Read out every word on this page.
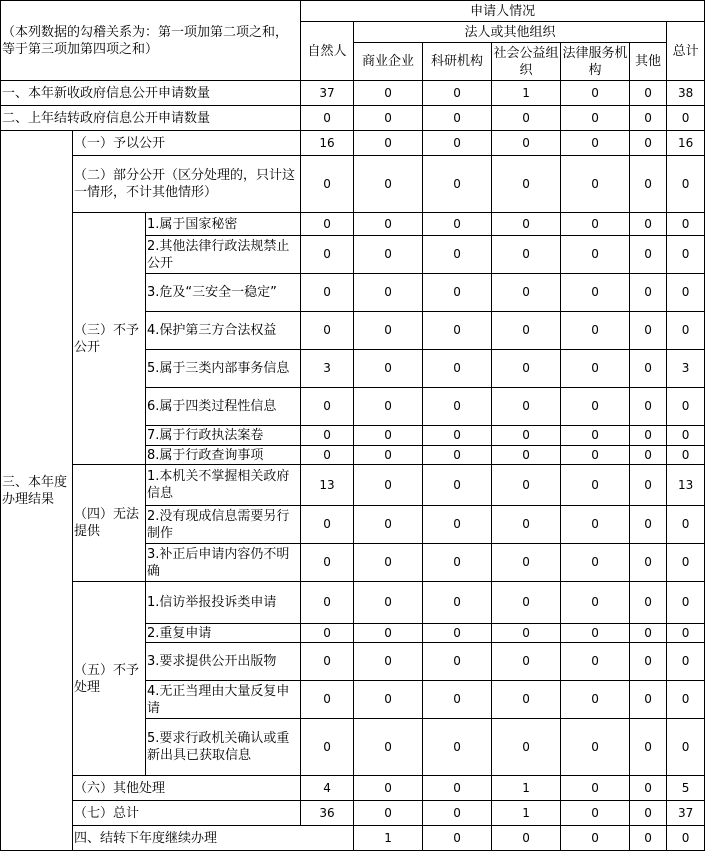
（本列数据的勾稽关系为：第一项加第二项之和，等于第三项加第四项之和）			申请人情况							
			自然人	法人或其他组织					总计	
				商业企业	科研机构	社会公益组织	法律服务机构	其他		
一、本年新收政府信息公开申请数量			37	0	0	1	0	0	38	
二、上年结转政府信息公开申请数量			0	0	0	0	0	0	0	
三、本年度办理结果	（一）予以公开		16	0	0	0	0	0	16	
	（二）部分公开（区分处理的，只计这一情形，不计其他情形）		0	0	0	0	0	0	0	
	（三）不予公开	1.属于国家秘密	0	0	0	0	0	0	0	
		2.其他法律行政法规禁止公开	0	0	0	0	0	0	0	
		3.危及“三安全一稳定”	0	0	0	0	0	0	0	
		4.保护第三方合法权益	0	0	0	0	0	0	0	
		5.属于三类内部事务信息	3	0	0	0	0	0	3	
		6.属于四类过程性信息	0	0	0	0	0	0	0	
		7.属于行政执法案卷	0	0	0	0	0	0	0	
		8.属于行政查询事项	0	0	0	0	0	0	0	
	（四）无法提供	1.本机关不掌握相关政府信息	13	0	0	0	0	0	13	
		2.没有现成信息需要另行制作	0	0	0	0	0	0	0	
		3.补正后申请内容仍不明确	0	0	0	0	0	0	0	
	（五）不予处理	1.信访举报投诉类申请	0	0	0	0	0	0	0	
		2.重复申请	0	0	0	0	0	0	0	
		3.要求提供公开出版物	0	0	0	0	0	0	0	
		4.无正当理由大量反复申请	0	0	0	0	0	0	0	
		5.要求行政机关确认或重新出具已获取信息	0	0	0	0	0	0	0	
	（六）其他处理		4	0	0	1	0	0	5	
	（七）总计		36	0	0	1	0	0	37	
	四、结转下年度继续办理			1	0	0	0	0	0	
